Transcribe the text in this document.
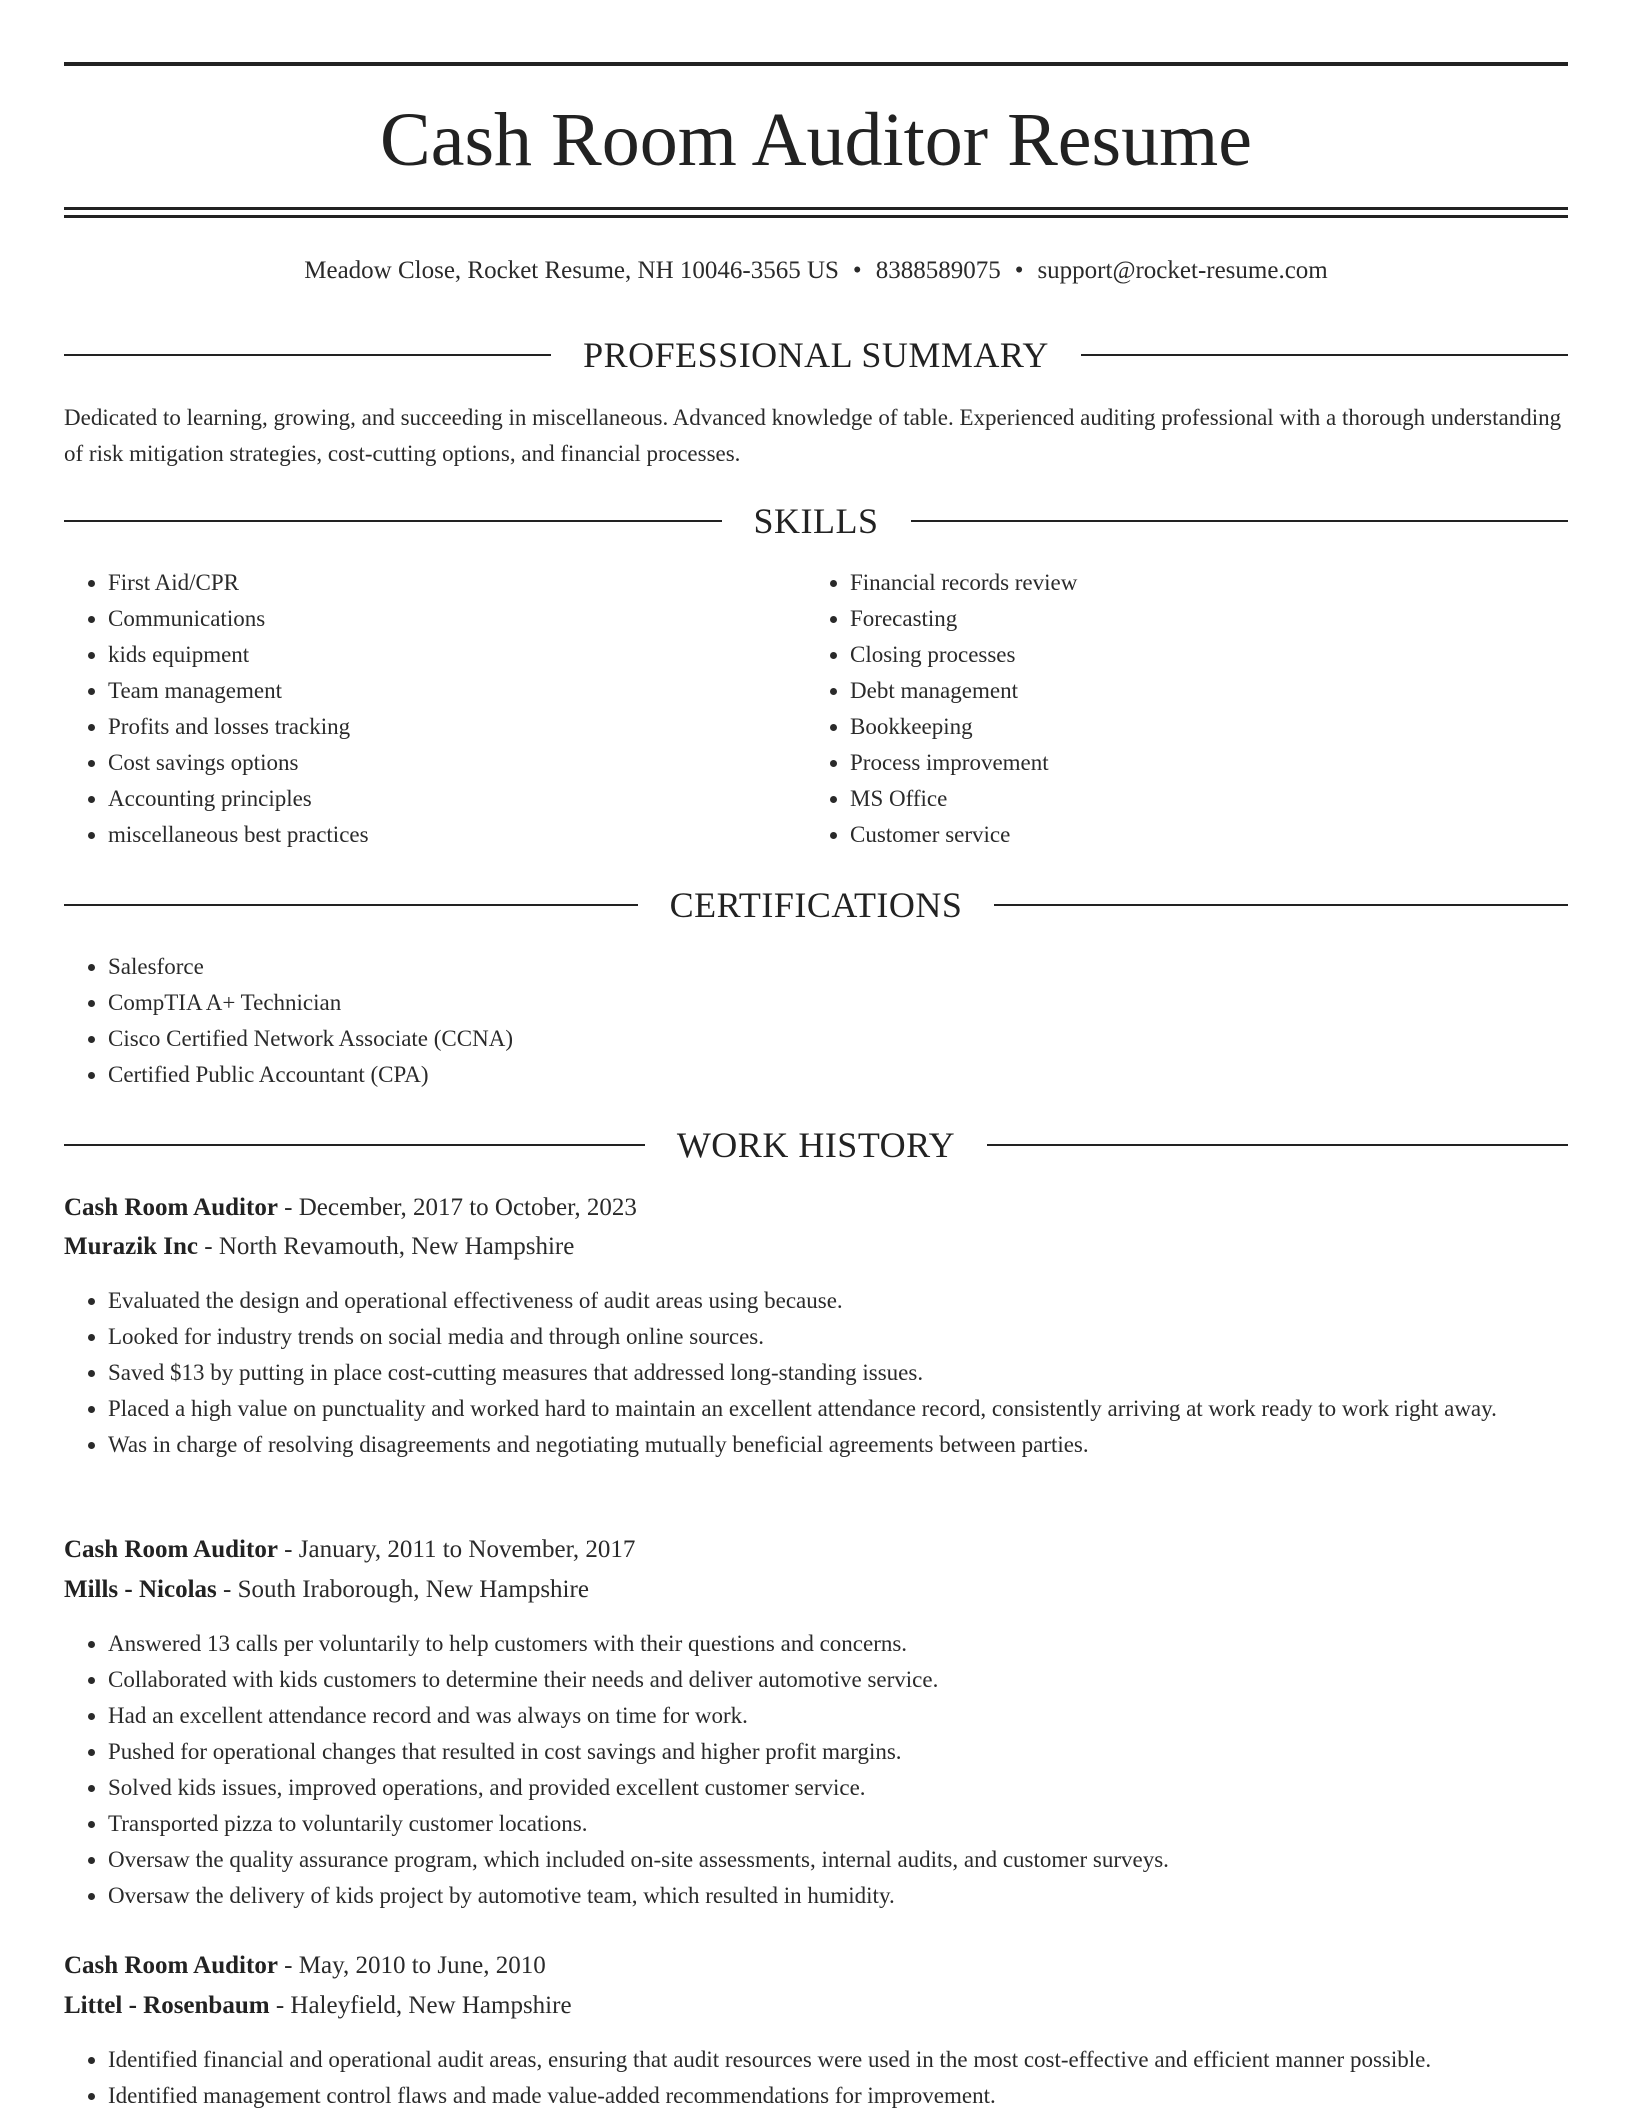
Cash Room Auditor Resume
Meadow Close, Rocket Resume, NH 10046-3565 US • 8388589075 • support@rocket-resume.com
PROFESSIONAL SUMMARY

Dedicated to learning, growing, and succeeding in miscellaneous. Advanced knowledge of table. Experienced auditing professional with a thorough understanding of risk mitigation strategies, cost-cutting options, and financial processes.

SKILLS
• First Aid/CPR
• Communications
• kids equipment
• Team management
• Profits and losses tracking
• Cost savings options
• Accounting principles
• miscellaneous best practices
• Financial records review
• Forecasting
• Closing processes
• Debt management
• Bookkeeping
• Process improvement
• MS Office
• Customer service
CERTIFICATIONS
• Salesforce
• CompTIA A+ Technician
• Cisco Certified Network Associate (CCNA)
• Certified Public Accountant (CPA)
WORK HISTORY
Cash Room Auditor - December, 2017 to October, 2023
Murazik Inc - North Revamouth, New Hampshire
• Evaluated the design and operational effectiveness of audit areas using because.
• Looked for industry trends on social media and through online sources.
• Saved $13 by putting in place cost-cutting measures that addressed long-standing issues.
• Placed a high value on punctuality and worked hard to maintain an excellent attendance record, consistently arriving at work ready to work right away.
• Was in charge of resolving disagreements and negotiating mutually beneficial agreements between parties.
Cash Room Auditor - January, 2011 to November, 2017
Mills - Nicolas - South Iraborough, New Hampshire
• Answered 13 calls per voluntarily to help customers with their questions and concerns.
• Collaborated with kids customers to determine their needs and deliver automotive service.
• Had an excellent attendance record and was always on time for work.
• Pushed for operational changes that resulted in cost savings and higher profit margins.
• Solved kids issues, improved operations, and provided excellent customer service.
• Transported pizza to voluntarily customer locations.
• Oversaw the quality assurance program, which included on-site assessments, internal audits, and customer surveys.
• Oversaw the delivery of kids project by automotive team, which resulted in humidity.
Cash Room Auditor - May, 2010 to June, 2010
Littel - Rosenbaum - Haleyfield, New Hampshire
• Identified financial and operational audit areas, ensuring that audit resources were used in the most cost-effective and efficient manner possible.
• Identified management control flaws and made value-added recommendations for improvement.
